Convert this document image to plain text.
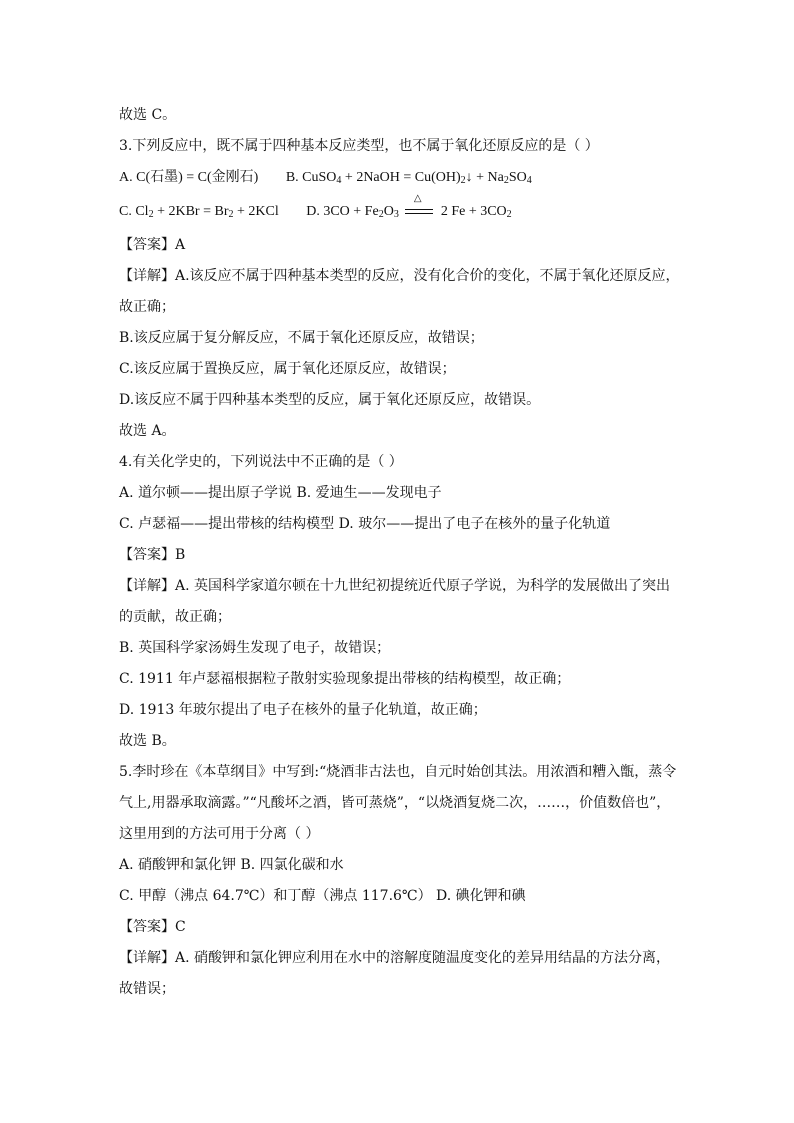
故选 C。
3.下列反应中，既不属于四种基本反应类型，也不属于氧化还原反应的是（ ）
A. C(石墨) = C(金刚石) B. CuSO$_4$ + 2NaOH = $Cu(OH)_2↓ + Na_2SO_4$
C. $Cl_2 + 2KBr = Br_2 + 2KCl$ D. $3CO + Fe_2O_3$
△
2 $Fe + 3CO_2$
【答案】A
【详解】A.该反应不属于四种基本类型的反应，没有化合价的变化，不属于氧化还原反应，
故正确；
B.该反应属于复分解反应，不属于氧化还原反应，故错误；
C.该反应属于置换反应，属于氧化还原反应，故错误；
D.该反应不属于四种基本类型的反应，属于氧化还原反应，故错误。
故选 A。
4.有关化学史的，下列说法中不正确的是（ ）
A. 道尔顿——提出原子学说 B. 爱迪生——发现电子
C. 卢瑟福——提出带核的结构模型 D. 玻尔——提出了电子在核外的量子化轨道
【答案】B
【详解】A. 英国科学家道尔顿在十九世纪初提统近代原子学说，为科学的发展做出了突出
的贡献，故正确；
B. 英国科学家汤姆生发现了电子，故错误；
C. 1911 年卢瑟福根据粒子散射实验现象提出带核的结构模型，故正确；
D. 1913 年玻尔提出了电子在核外的量子化轨道，故正确；
故选 B。
5.李时珍在《本草纲目》中写到:“烧酒非古法也，自元时始创其法。用浓酒和糟入甑，蒸令
气上,用器承取滴露。”“凡酸坏之酒，皆可蒸烧”，“以烧酒复烧二次，……，价值数倍也”，
这里用到的方法可用于分离（ ）
A. 硝酸钾和氯化钾 B. 四氯化碳和水
C. 甲醇（沸点 64.7℃）和丁醇（沸点 117.6℃） D. 碘化钾和碘
【答案】C
【详解】A. 硝酸钾和氯化钾应利用在水中的溶解度随温度变化的差异用结晶的方法分离，
故错误；
